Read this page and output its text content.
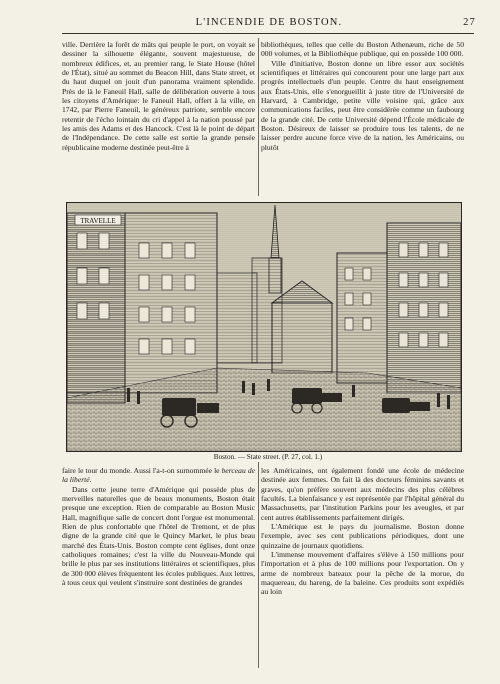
L'INCENDIE DE BOSTON.	27

ville. Derrière la forêt de mâts qui peuple le port, on voyait se dessiner la silhouette élégante, souvent majestueuse, de nombreux édifices, et, au premier rang, le State House (hôtel de l'État), situé au sommet du Beacon Hill, dans State street, et du haut duquel on jouit d'un panorama vraiment splendide. Près de là le Faneuil Hall, salle de délibération ouverte à tous les citoyens d'Amérique: le Faneuil Hall, offert à la ville, en 1742, par Pierre Faneuil, le généreux patriote, semble encore retentir de l'écho lointain du cri d'appel à la nation poussé par les amis des Adams et des Hancock. C'est là le point de départ de l'Indépendance. De cette salle est sortie la grande pensée républicaine moderne destinée peut-être à

bibliothèques, telles que celle du Boston Athenæum, riche de 50 000 volumes, et la Bibliothèque publique, qui en possède 100 000.

Ville d'initiative, Boston donne un libre essor aux sociétés scientifiques et littéraires qui concourent pour une large part aux progrès intellectuels d'un peuple. Centre du haut enseignement aux États-Unis, elle s'enorgueillit à juste titre de l'Université de Harvard, à Cambridge, petite ville voisine qui, grâce aux communications faciles, peut être considérée comme un faubourg de la grande cité. De cette Université dépend l'École médicale de Boston. Désireux de laisser se produire tous les talents, de ne laisser perdre aucune force vive de la nation, les Américains, ou plutôt

TRAVELLE
Boston. — State street. (P. 27, col. 1.)

faire le tour du monde. Aussi l'a-t-on surnommée le berceau de la liberté.

Dans cette jeune terre d'Amérique qui possède plus de merveilles naturelles que de beaux monuments, Boston était presque une exception. Rien de comparable au Boston Music Hall, magnifique salle de concert dont l'orgue est monumental. Rien de plus confortable que l'hôtel de Tremont, et de plus digne de la grande cité que le Quincy Market, le plus beau marché des États-Unis. Boston compte cent églises, dont onze catholiques romaines; c'est la ville du Nouveau-Monde qui brille le plus par ses institutions littéraires et scientifiques, plus de 300 000 élèves fréquentent les écoles publiques. Aux lettres, à tous ceux qui veulent s'instruire sont destinées de grandes

les Américaines, ont également fondé une école de médecine destinée aux femmes. On fait là des docteurs féminins savants et graves, qu'on préfère souvent aux médecins des plus célèbres facultés. La bienfaisance y est représentée par l'hôpital général du Massachusetts, par l'institution Parkins pour les aveugles, et par cent autres établissements parfaitement dirigés.

L'Amérique est le pays du journalisme. Boston donne l'exemple, avec ses cent publications périodiques, dont une quinzaine de journaux quotidiens.

L'immense mouvement d'affaires s'élève à 150 millions pour l'importation et à plus de 100 millions pour l'exportation. On y arme de nombreux bateaux pour la pêche de la morue, du maquereau, du hareng, de la baleine. Ces produits sont expédiés au loin
